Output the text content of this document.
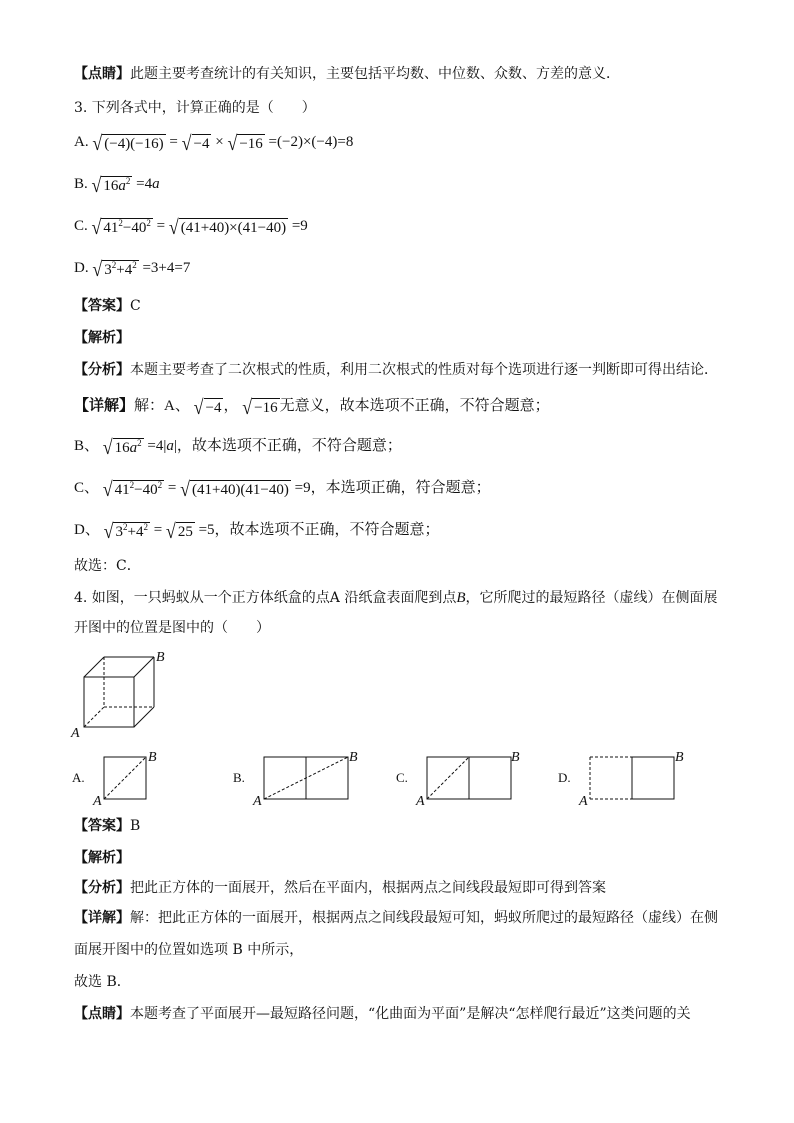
【点睛】此题主要考查统计的有关知识，主要包括平均数、中位数、众数、方差的意义．
3. 下列各式中，计算正确的是（　　）
A. √ (−4)(−16) = √ −4 × √ −16 =(−2)×(−4)=8
B. √ $16a^2 =4a$
C. √ $41^2-40^2$ = √ (41+40)×(41−40) =9
D. √ $3^2+4^2 =3+4=7$
【答案】C
【解析】
【分析】本题主要考查了二次根式的性质，利用二次根式的性质对每个选项进行逐一判断即可得出结论．
【详解】解：A、 √ −4 ， √ −16 无意义，故本选项不正确，不符合题意；
B、 √ $16a^2 =4|a|$，故本选项不正确，不符合题意；
C、 √ $41^2-40^2$ = √ (41+40)(41−40) =9，本选项正确，符合题意；
D、 √ $3^2+4^2$ = √ 25 =5，故本选项不正确，不符合题意；
故选：C．
4. 如图，一只蚂蚁从一个正方体纸盒的点A 沿纸盒表面爬到点B，它所爬过的最短路径（虚线）在侧面展
开图中的位置是图中的（　　）
B
A
A.
B
A
B.
B
A
C.
B
A
D.
B
A
【答案】B
【解析】
【分析】把此正方体的一面展开，然后在平面内，根据两点之间线段最短即可得到答案
【详解】解：把此正方体的一面展开，根据两点之间线段最短可知，蚂蚁所爬过的最短路径（虚线）在侧
面展开图中的位置如选项 B 中所示，
故选 B．
【点睛】本题考查了平面展开—最短路径问题，“化曲面为平面”是解决“怎样爬行最近”这类问题的关
